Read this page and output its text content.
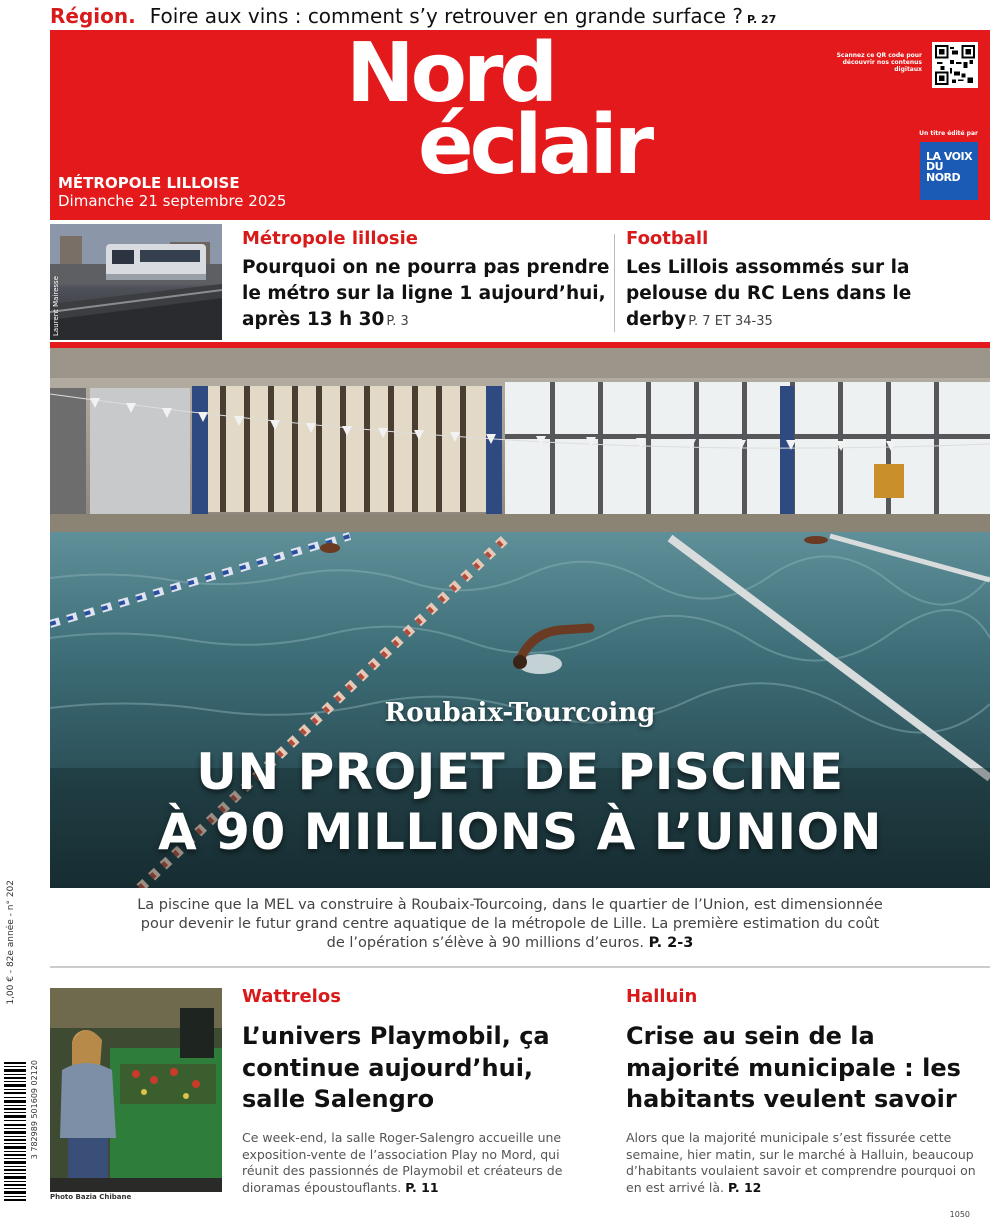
Région. Foire aux vins : comment s’y retrouver en grande surface ? P. 27
Nord
éclair
MÉTROPOLE LILLOISE
Dimanche 21 septembre 2025
Scannez ce QR code pour découvrir nos contenus digitaux
Un titre édité par
LA VOIX DU NORD
Laurent Mairesse
Métropole lillosie
Pourquoi on ne pourra pas prendre le métro sur la ligne 1 aujourd’hui, après 13 h 30 P. 3
Football
Les Lillois assommés sur la pelouse du RC Lens dans le derby P. 7 ET 34-35
Roubaix-Tourcoing
UN PROJET DE PISCINE
À 90 MILLIONS À L’UNION
La piscine que la MEL va construire à Roubaix-Tourcoing, dans le quartier de l’Union, est dimensionnée pour devenir le futur grand centre aquatique de la métropole de Lille. La première estimation du coût de l’opération s’élève à 90 millions d’euros. P. 2-3
Photo Bazia Chibane
Wattrelos
L’univers Playmobil, ça continue aujourd’hui, salle Salengro
Ce week-end, la salle Roger-Salengro accueille une exposition-vente de l’association Play no Mord, qui réunit des passionnés de Playmobil et créateurs de dioramas époustouflants. P. 11
Halluin
Crise au sein de la majorité municipale : les habitants veulent savoir
Alors que la majorité municipale s’est fissurée cette semaine, hier matin, sur le marché à Halluin, beaucoup d’habitants voulaient savoir et comprendre pourquoi on en est arrivé là. P. 12
1,00 € - 82e année - n° 202
3 782989 501609 02120
1050
